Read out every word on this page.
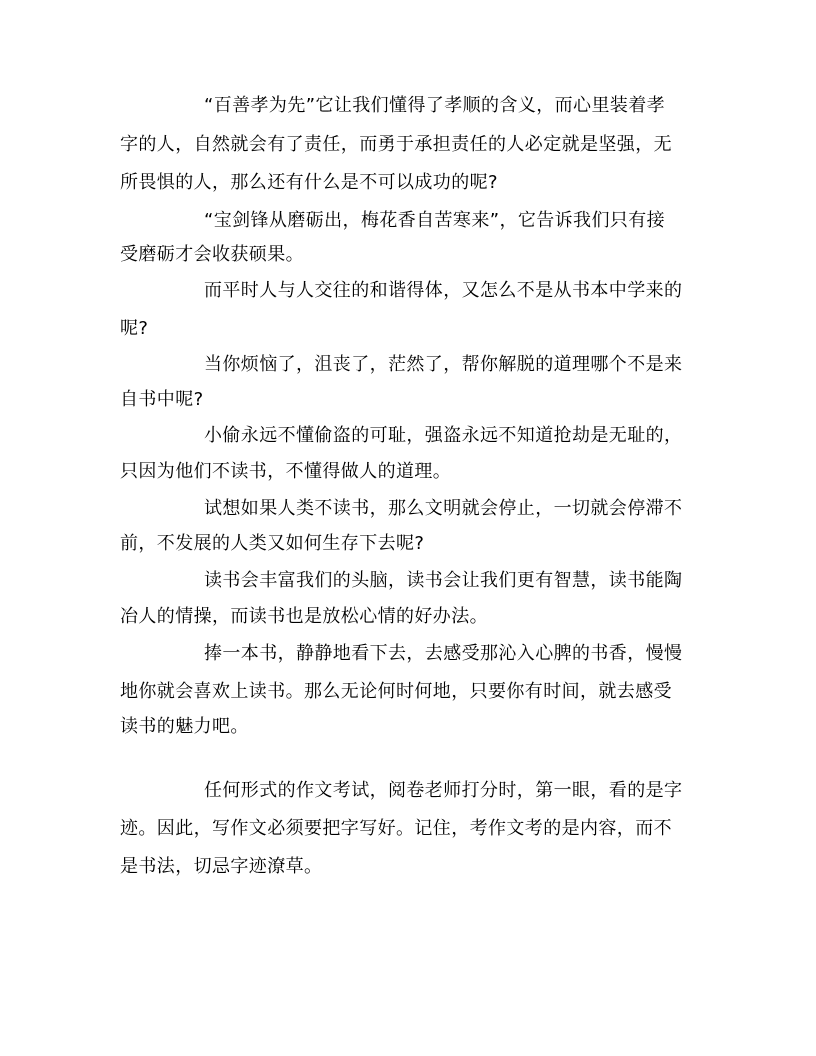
“百善孝为先”它让我们懂得了孝顺的含义，而心里装着孝
字的人，自然就会有了责任，而勇于承担责任的人必定就是坚强，无
所畏惧的人，那么还有什么是不可以成功的呢?
“宝剑锋从磨砺出，梅花香自苦寒来”，它告诉我们只有接
受磨砺才会收获硕果。
而平时人与人交往的和谐得体，又怎么不是从书本中学来的
呢?
当你烦恼了，沮丧了，茫然了，帮你解脱的道理哪个不是来
自书中呢?
小偷永远不懂偷盗的可耻，强盗永远不知道抢劫是无耻的，
只因为他们不读书，不懂得做人的道理。
试想如果人类不读书，那么文明就会停止，一切就会停滞不
前，不发展的人类又如何生存下去呢?
读书会丰富我们的头脑，读书会让我们更有智慧，读书能陶
冶人的情操，而读书也是放松心情的好办法。
捧一本书，静静地看下去，去感受那沁入心脾的书香，慢慢
地你就会喜欢上读书。那么无论何时何地，只要你有时间，就去感受
读书的魅力吧。
任何形式的作文考试，阅卷老师打分时，第一眼，看的是字
迹。因此，写作文必须要把字写好。记住，考作文考的是内容，而不
是书法，切忌字迹潦草。
